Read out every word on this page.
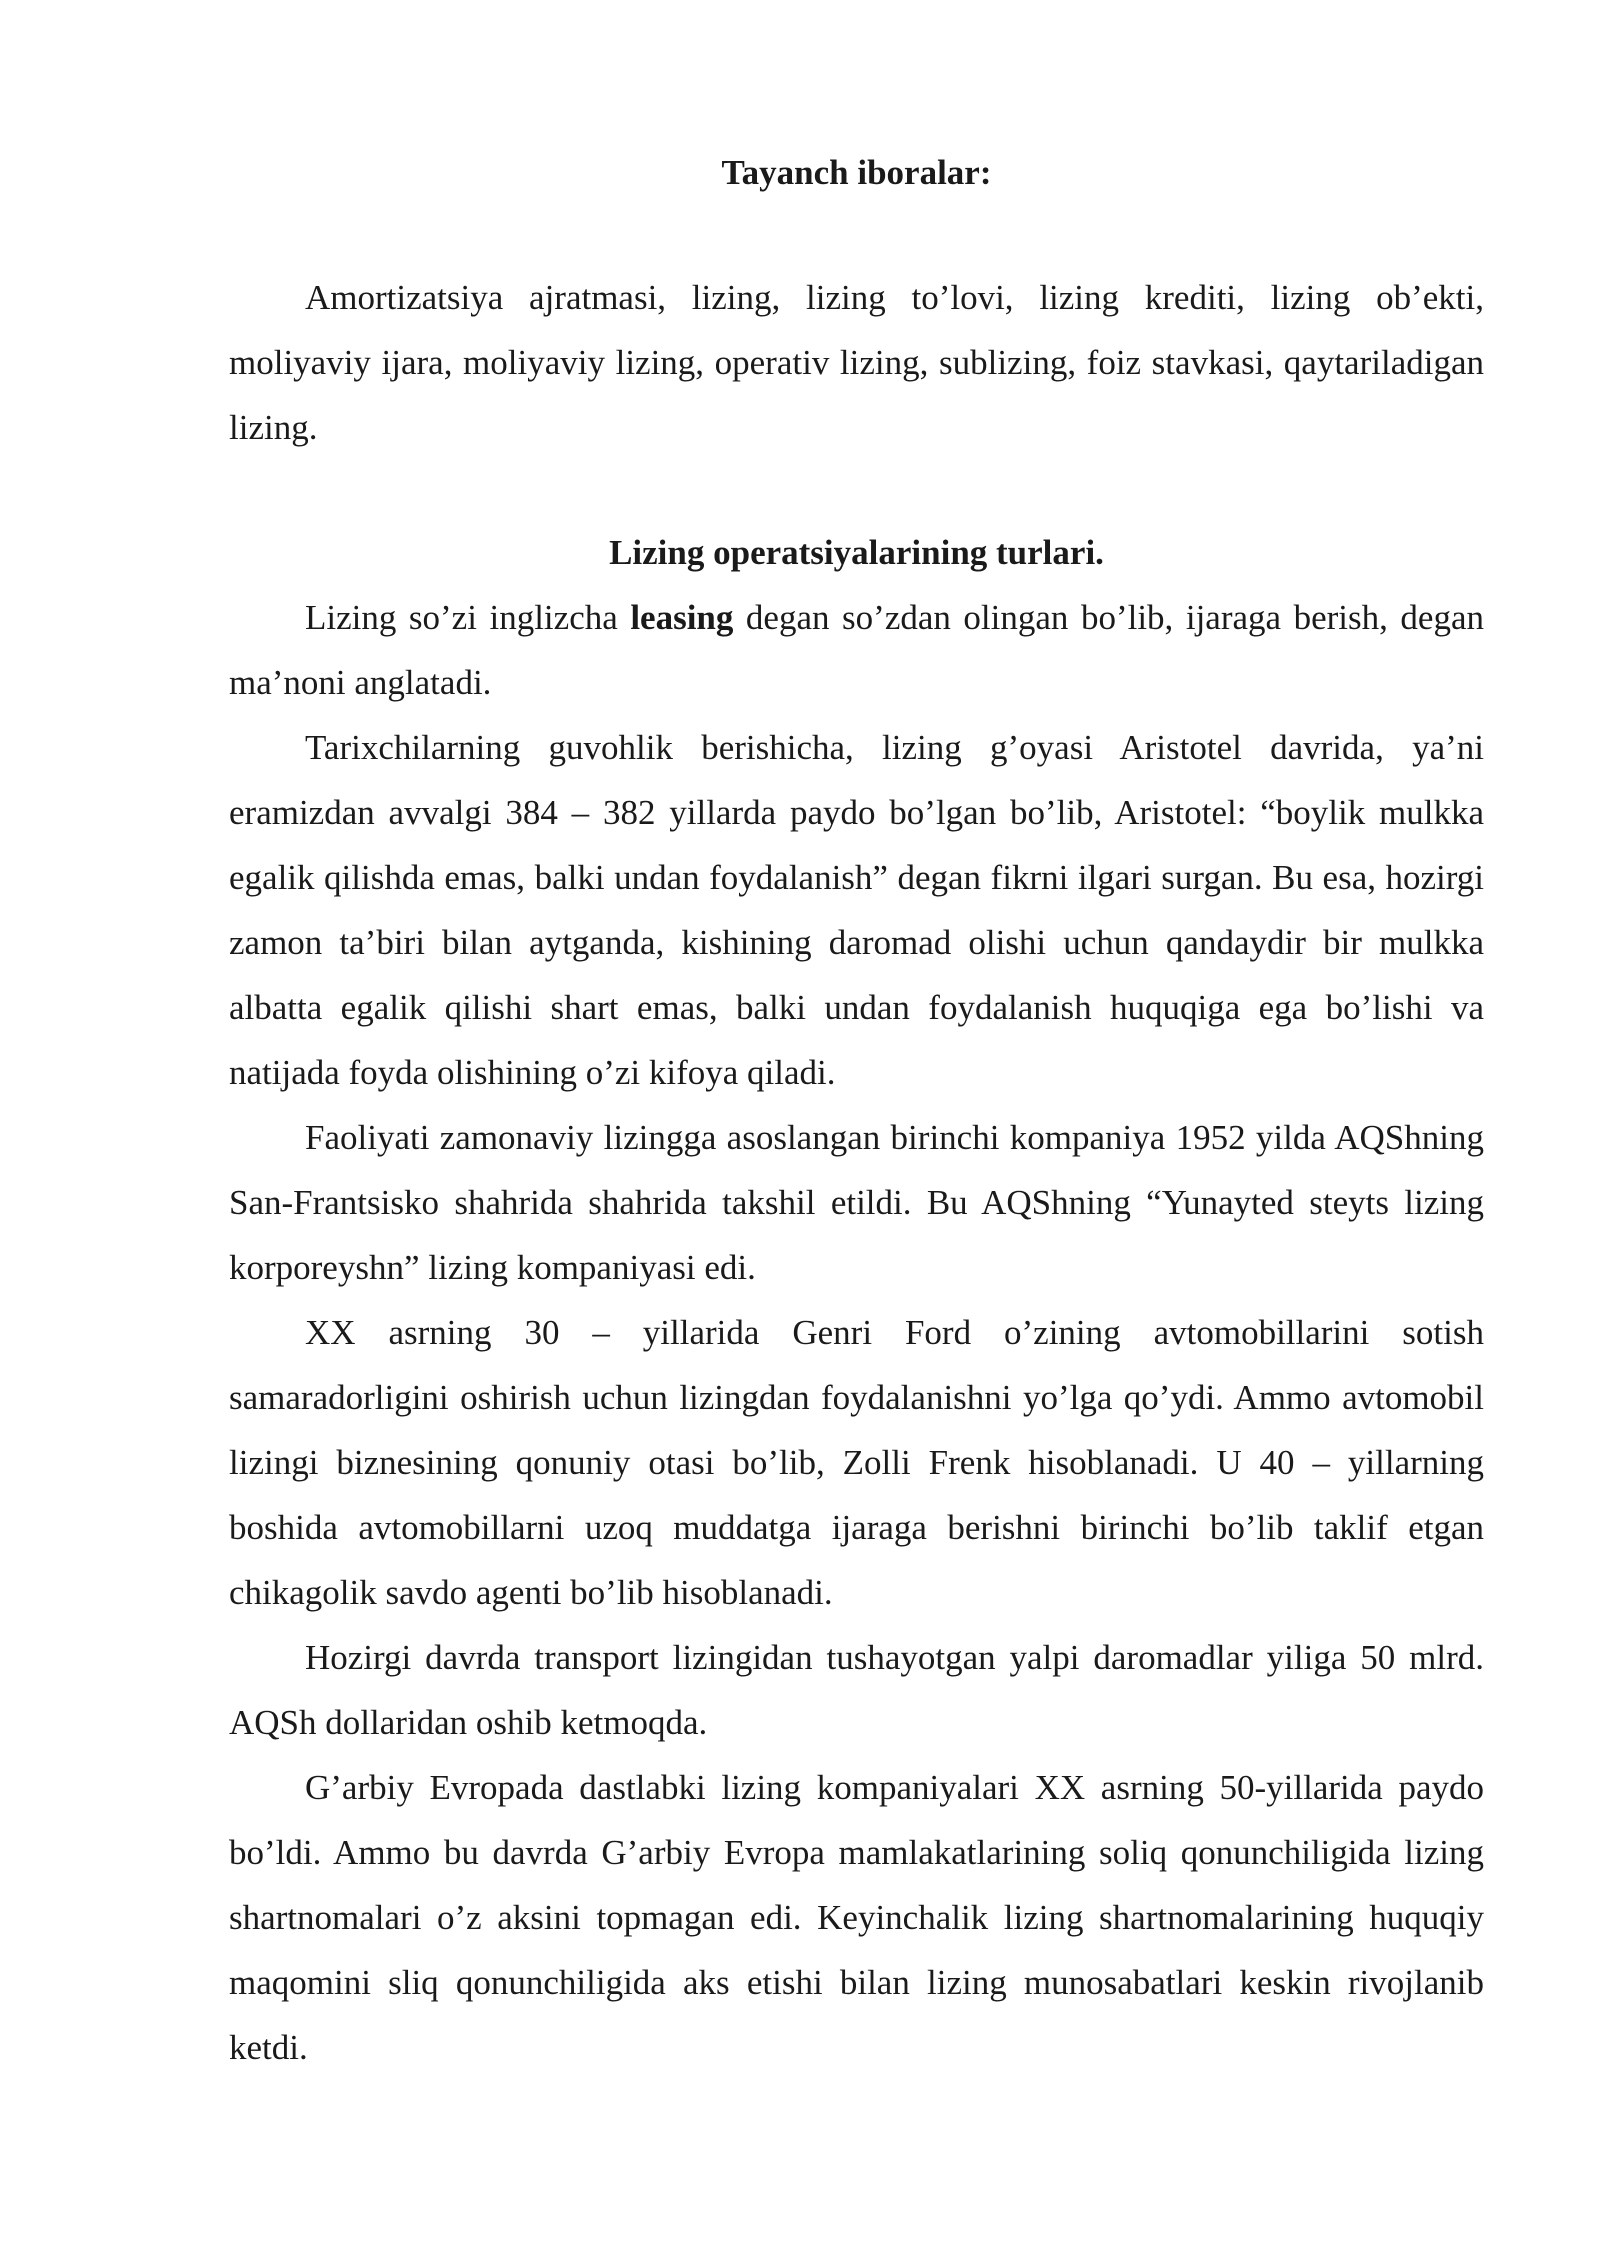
Tayanch iboralar:

Amortizatsiya ajratmasi, lizing, lizing to’lovi, lizing krediti, lizing ob’ekti, moliyaviy ijara, moliyaviy lizing, operativ lizing, sublizing, foiz stavkasi, qaytariladigan lizing.

Lizing operatsiyalarining turlari.

Lizing so’zi inglizcha leasing degan so’zdan olingan bo’lib, ijaraga berish, degan ma’noni anglatadi.

Tarixchilarning guvohlik berishicha, lizing g’oyasi Aristotel davrida, ya’ni eramizdan avvalgi 384 – 382 yillarda paydo bo’lgan bo’lib, Aristotel: “boylik mulkka egalik qilishda emas, balki undan foydalanish” degan fikrni ilgari surgan. Bu esa, hozirgi zamon ta’biri bilan aytganda, kishining daromad olishi uchun qandaydir bir mulkka albatta egalik qilishi shart emas, balki undan foydalanish huquqiga ega bo’lishi va natijada foyda olishining o’zi kifoya qiladi.

Faoliyati zamonaviy lizingga asoslangan birinchi kompaniya 1952 yilda AQShning San-Frantsisko shahrida shahrida takshil etildi. Bu AQShning “Yunayted steyts lizing korporeyshn” lizing kompaniyasi edi.

XX asrning 30 – yillarida Genri Ford o’zining avtomobillarini sotish samaradorligini oshirish uchun lizingdan foydalanishni yo’lga qo’ydi. Ammo avtomobil lizingi biznesining qonuniy otasi bo’lib, Zolli Frenk hisoblanadi. U 40 – yillarning boshida avtomobillarni uzoq muddatga ijaraga berishni birinchi bo’lib taklif etgan chikagolik savdo agenti bo’lib hisoblanadi.

Hozirgi davrda transport lizingidan tushayotgan yalpi daromadlar yiliga 50 mlrd. AQSh dollaridan oshib ketmoqda.

G’arbiy Evropada dastlabki lizing kompaniyalari XX asrning 50-yillarida paydo bo’ldi. Ammo bu davrda G’arbiy Evropa mamlakatlarining soliq qonunchiligida lizing shartnomalari o’z aksini topmagan edi. Keyinchalik lizing shartnomalarining huquqiy maqomini sliq qonunchiligida aks etishi bilan lizing munosabatlari keskin rivojlanib ketdi.
